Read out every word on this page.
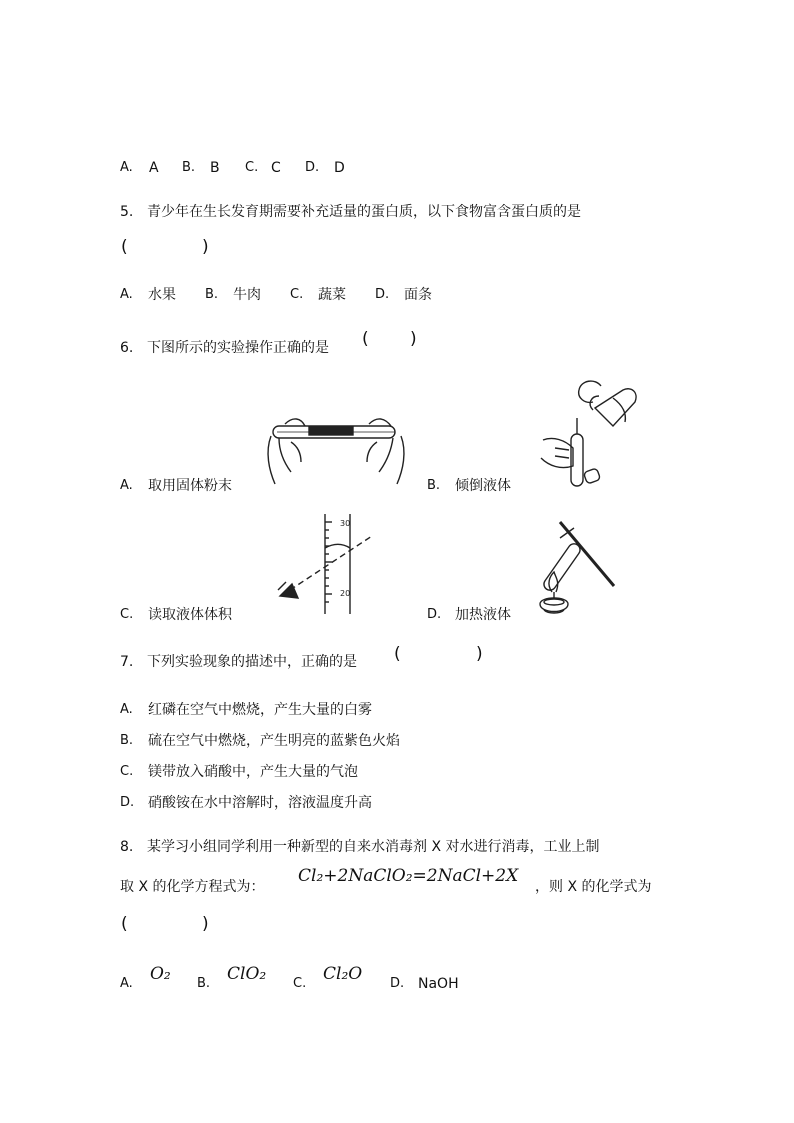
A. A B. B C. C D. D
5. 青少年在生长发育期需要补充适量的蛋白质，以下食物富含蛋白质的是
(	)
A. 水果 B. 牛肉 C. 蔬菜 D. 面条
6. 下图所示的实验操作正确的是 ( )
A. 取用固体粉末	B. 倾倒液体
30
20
C. 读取液体体积	D. 加热液体
7. 下列实验现象的描述中，正确的是 (	)
A. 红磷在空气中燃烧，产生大量的白雾
B. 硫在空气中燃烧，产生明亮的蓝紫色火焰
C. 镁带放入硝酸中，产生大量的气泡
D. 硝酸铵在水中溶解时，溶液温度升高
8. 某学习小组同学利用一种新型的自来水消毒剂 X 对水进行消毒，工业上制
取 X 的化学方程式为：
Cl₂+2NaClO₂=2NaCl+2X
，则 X 的化学式为
(	)
A. O₂ B. ClO₂ C. Cl₂O D. NaOH
